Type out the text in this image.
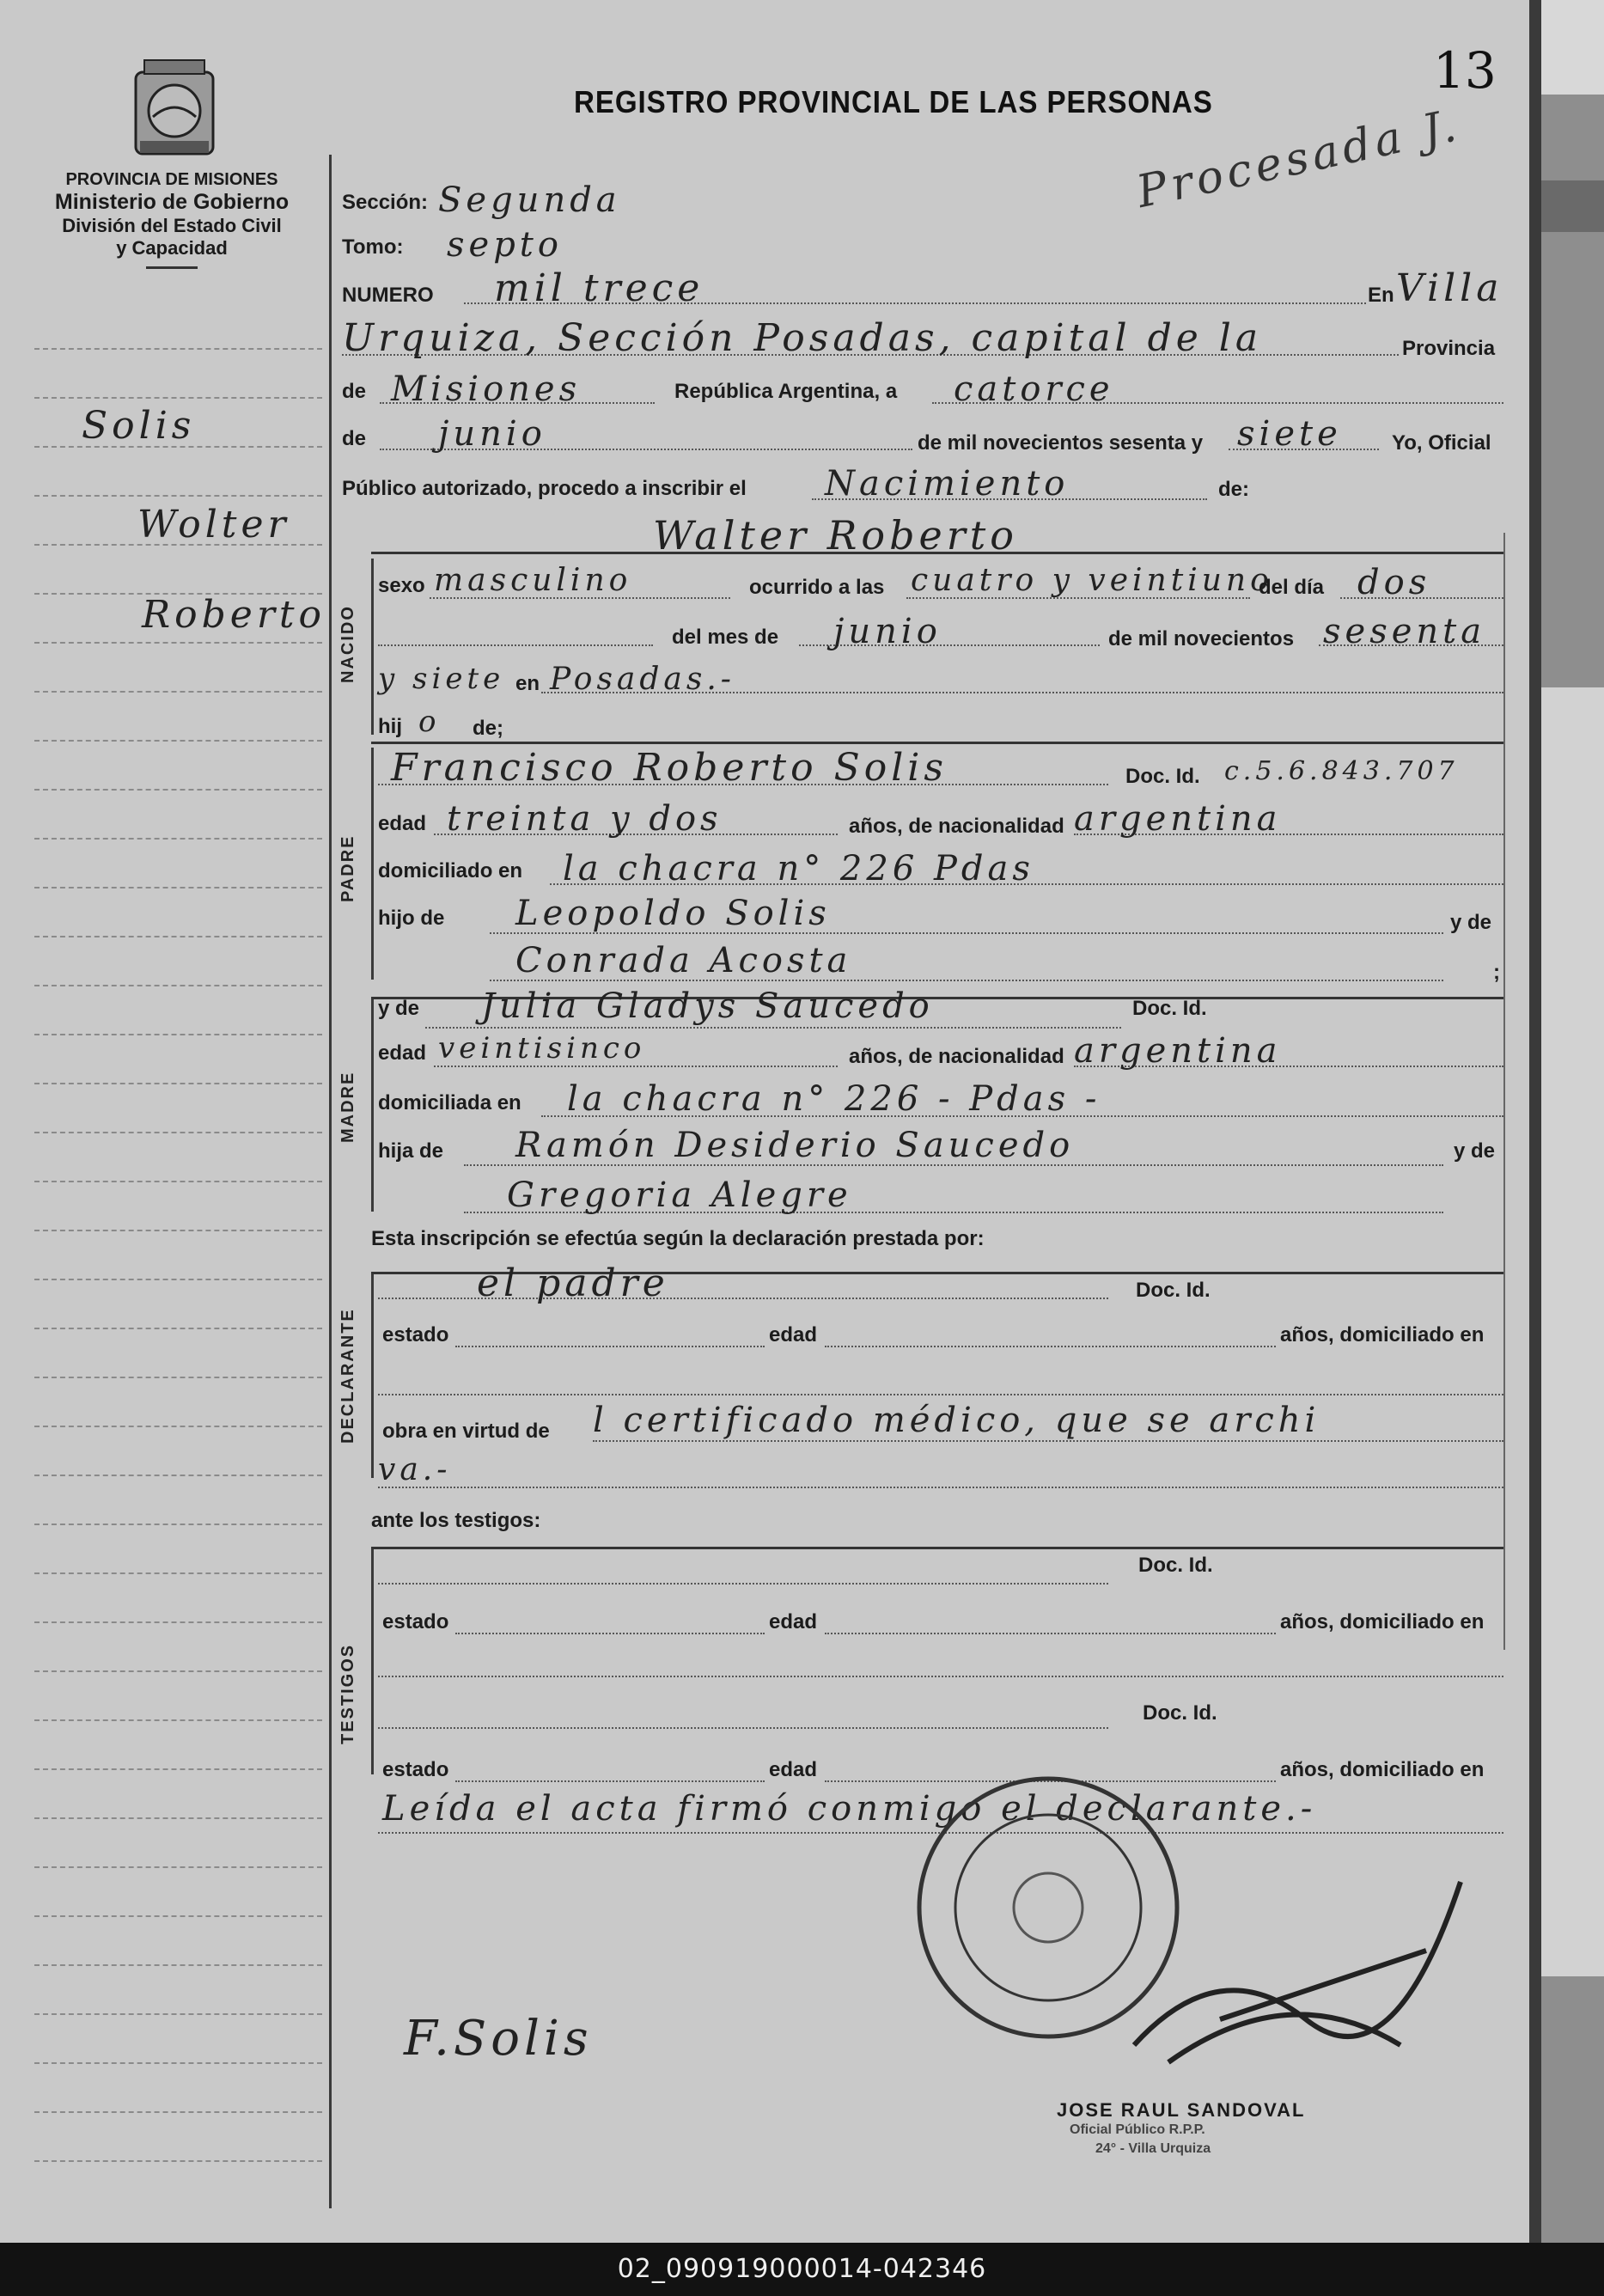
PROVINCIA DE MISIONES
Ministerio de Gobierno
División del Estado Civil
y Capacidad
REGISTRO PROVINCIAL DE LAS PERSONAS
13
Procesada J.
Solis
Wolter
Roberto
F.Solis
NACIDO
PADRE
MADRE
DECLARANTE
TESTIGOS
Sección: Segunda
Tomo: septo
NUMERO mil trece	En Villa
Urquiza, Sección Posadas, capital de la	Provincia
de Misiones	República Argentina, a catorce
de junio	de mil novecientos sesenta y siete Yo, Oficial
Público autorizado, procedo a inscribir el Nacimiento	de:
Walter Roberto
sexo masculino	ocurrido a las cuatro y veintiuno
del día dos
del mes de junio	de mil novecientos sesenta
y siete en Posadas.-
hij o de;
Francisco Roberto Solis	Doc. Id. c.5.6.843.707
edad treinta y dos	años, de nacionalidad argentina
domiciliado en la chacra n° 226 Pdas
hijo de Leopoldo Solis	y de
Conrada Acosta	;
y de Julia Gladys Saucedo	Doc. Id.
edad veintisinco	años, de nacionalidad argentina
domiciliada en la chacra n° 226 - Pdas -
hija de Ramón Desiderio Saucedo	y de
Gregoria Alegre
Esta inscripción se efectúa según la declaración prestada por:
el padre	Doc. Id.
estado	edad	años, domiciliado en
obra en virtud de l certificado médico, que se archi
va.-
ante los testigos:
Doc. Id.
estado	edad	años, domiciliado en
Doc. Id.
estado	edad	años, domiciliado en
Leída el acta firmó conmigo el declarante.-
JOSE RAUL SANDOVAL
Oficial Público R.P.P.
24° - Villa Urquiza
02_090919000014-042346
